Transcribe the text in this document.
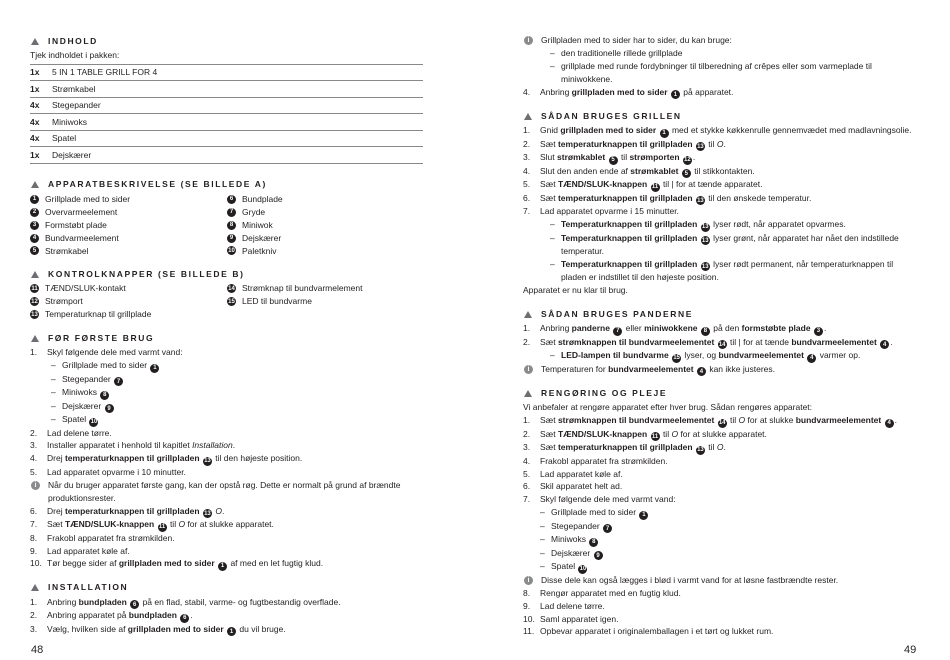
INDHOLD
Tjek indholdet i pakken:
1x	5 IN 1 TABLE GRILL FOR 4
1x	Strømkabel
4x	Stegepander
4x	Miniwoks
4x	Spatel
1x	Dejskærer
APPARATBESKRIVELSE (SE BILLEDE A)
1	Grillplade med to sider	6	Bundplade
2	Overvarmeelement	7	Gryde
3	Formstøbt plade	8	Miniwok
4	Bundvarmeelement	9	Dejskærer
5	Strømkabel	10 Paletkniv
KONTROLKNAPPER (SE BILLEDE B)
11 TÆND/SLUK-kontakt	14 Strømknap til bundvarmelement
12 Strømport	15 LED til bundvarme
13 Temperaturknap til grillplade
FØR FØRSTE BRUG
1.	Skyl følgende dele med varmt vand:
– Grillplade med to sider 1
– Stegepander 7
– Miniwoks 8
– Dejskærer 9
– Spatel 10
2.	Lad delene tørre.
3.	Installer apparatet i henhold til kapitlet Installation.
4.	Drej temperaturknappen til grillpladen 13 til den højeste position.
5.	Lad apparatet opvarme i 10 minutter.
i	Når du bruger apparatet første gang, kan der opstå røg. Dette er normalt på grund af brændte produktionsrester.
6.	Drej temperaturknappen til grillpladen 13 O.
7.	Sæt TÆND/SLUK-knappen 11 til O for at slukke apparatet.
8.	Frakobl apparatet fra strømkilden.
9.	Lad apparatet køle af.
10. Tør begge sider af grillpladen med to sider 1 af med en let fugtig klud.
INSTALLATION
1.	Anbring bundpladen 6 på en flad, stabil, varme- og fugtbestandig overflade.
2.	Anbring apparatet på bundpladen 6 .
3.	Vælg, hvilken side af grillpladen med to sider 1 du vil bruge.
i	Grillpladen med to sider har to sider, du kan bruge:
– den traditionelle rillede grillplade
– grillplade med runde fordybninger til tilberedning af crêpes eller som varmeplade til miniwokkene.
4.	Anbring grillpladen med to sider 1 på apparatet.
SÅDAN BRUGES GRILLEN
1.	Gnid grillpladen med to sider 1 med et stykke køkkenrulle gennemvædet med madlavningsolie.
2.	Sæt temperaturknappen til grillpladen 13 til O.
3.	Slut strømkablet 5 til strømporten 12 .
4.	Slut den anden ende af strømkablet 5 til stikkontakten.
5.	Sæt TÆND/SLUK-knappen 11 til | for at tænde apparatet.
6.	Sæt temperaturknappen til grillpladen 13 til den ønskede temperatur.
7.	Lad apparatet opvarme i 15 minutter.
– Temperaturknappen til grillpladen 13 lyser rødt, når apparatet opvarmes.
– Temperaturknappen til grillpladen 13 lyser grønt, når apparatet har nået den indstillede temperatur.
– Temperaturknappen til grillpladen 13 lyser rødt permanent, når temperaturknappen til pladen er indstillet til den højeste position.
Apparatet er nu klar til brug.
SÅDAN BRUGES PANDERNE
1.	Anbring panderne 7 eller miniwokkene 8 på den formstøbte plade 3 .
2.	Sæt strømknappen til bundvarmeelementet 14 til | for at tænde bundvarmeelementet 4 .
– LED-lampen til bundvarme 15 lyser, og bundvarmeelementet 4 varmer op.
i	Temperaturen for bundvarmeelementet 4 kan ikke justeres.
RENGØRING OG PLEJE
Vi anbefaler at rengøre apparatet efter hver brug. Sådan rengøres apparatet:
1.	Sæt strømknappen til bundvarmeelementet 14 til O for at slukke bundvarmeelementet 4 .
2.	Sæt TÆND/SLUK-knappen 11 til O for at slukke apparatet.
3.	Sæt temperaturknappen til grillpladen 13 til O.
4.	Frakobl apparatet fra strømkilden.
5.	Lad apparatet køle af.
6.	Skil apparatet helt ad.
7.	Skyl følgende dele med varmt vand:
– Grillplade med to sider 1
– Stegepander 7
– Miniwoks 8
– Dejskærer 9
– Spatel 10
i	Disse dele kan også lægges i blød i varmt vand for at løsne fastbrændte rester.
8.	Rengør apparatet med en fugtig klud.
9.	Lad delene tørre.
10. Saml apparatet igen.
11. Opbevar apparatet i originalemballagen i et tørt og lukket rum.
48	49
